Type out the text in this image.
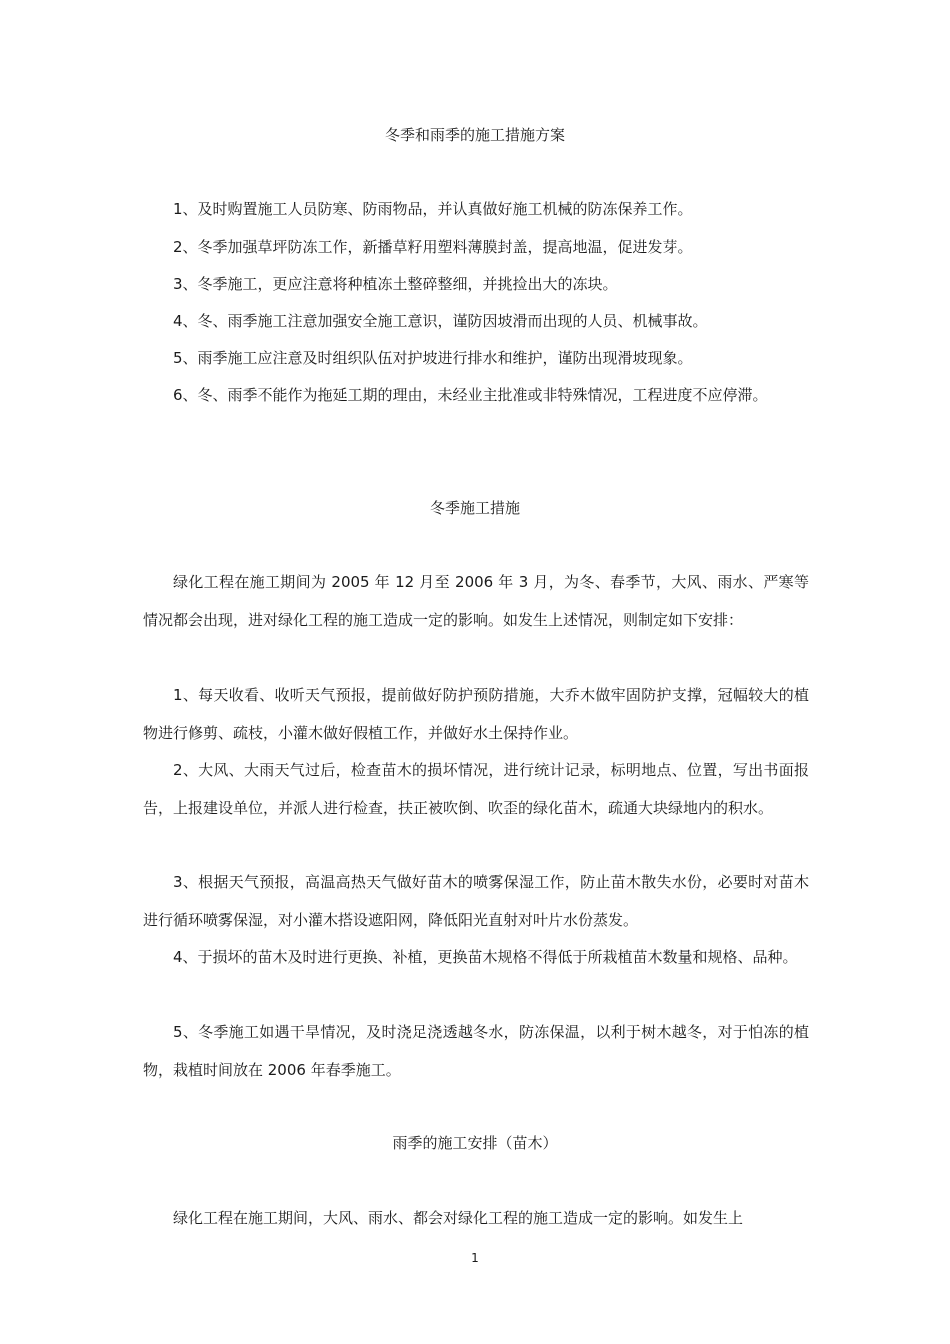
冬季和雨季的施工措施方案

1、及时购置施工人员防寒、防雨物品，并认真做好施工机械的防冻保养工作。

2、冬季加强草坪防冻工作，新播草籽用塑料薄膜封盖，提高地温，促进发芽。

3、冬季施工，更应注意将种植冻土整碎整细，并挑捡出大的冻块。

4、冬、雨季施工注意加强安全施工意识，谨防因坡滑而出现的人员、机械事故。

5、雨季施工应注意及时组织队伍对护坡进行排水和维护，谨防出现滑坡现象。

6、冬、雨季不能作为拖延工期的理由，未经业主批准或非特殊情况，工程进度不应停滞。

冬季施工措施

绿化工程在施工期间为 2005 年 12 月至 2006 年 3 月，为冬、春季节，大风、雨水、严寒等情况都会出现，进对绿化工程的施工造成一定的影响。如发生上述情况，则制定如下安排：

1、每天收看、收听天气预报，提前做好防护预防措施，大乔木做牢固防护支撑，冠幅较大的植物进行修剪、疏枝，小灌木做好假植工作，并做好水土保持作业。

2、大风、大雨天气过后，检查苗木的损坏情况，进行统计记录，标明地点、位置，写出书面报告，上报建设单位，并派人进行检查，扶正被吹倒、吹歪的绿化苗木，疏通大块绿地内的积水。

3、根据天气预报，高温高热天气做好苗木的喷雾保湿工作，防止苗木散失水份，必要时对苗木进行循环喷雾保湿，对小灌木搭设遮阳网，降低阳光直射对叶片水份蒸发。

4、于损坏的苗木及时进行更换、补植，更换苗木规格不得低于所栽植苗木数量和规格、品种。

5、冬季施工如遇干旱情况，及时浇足浇透越冬水，防冻保温，以利于树木越冬，对于怕冻的植物，栽植时间放在 2006 年春季施工。

雨季的施工安排（苗木）

绿化工程在施工期间，大风、雨水、都会对绿化工程的施工造成一定的影响。如发生上

1
